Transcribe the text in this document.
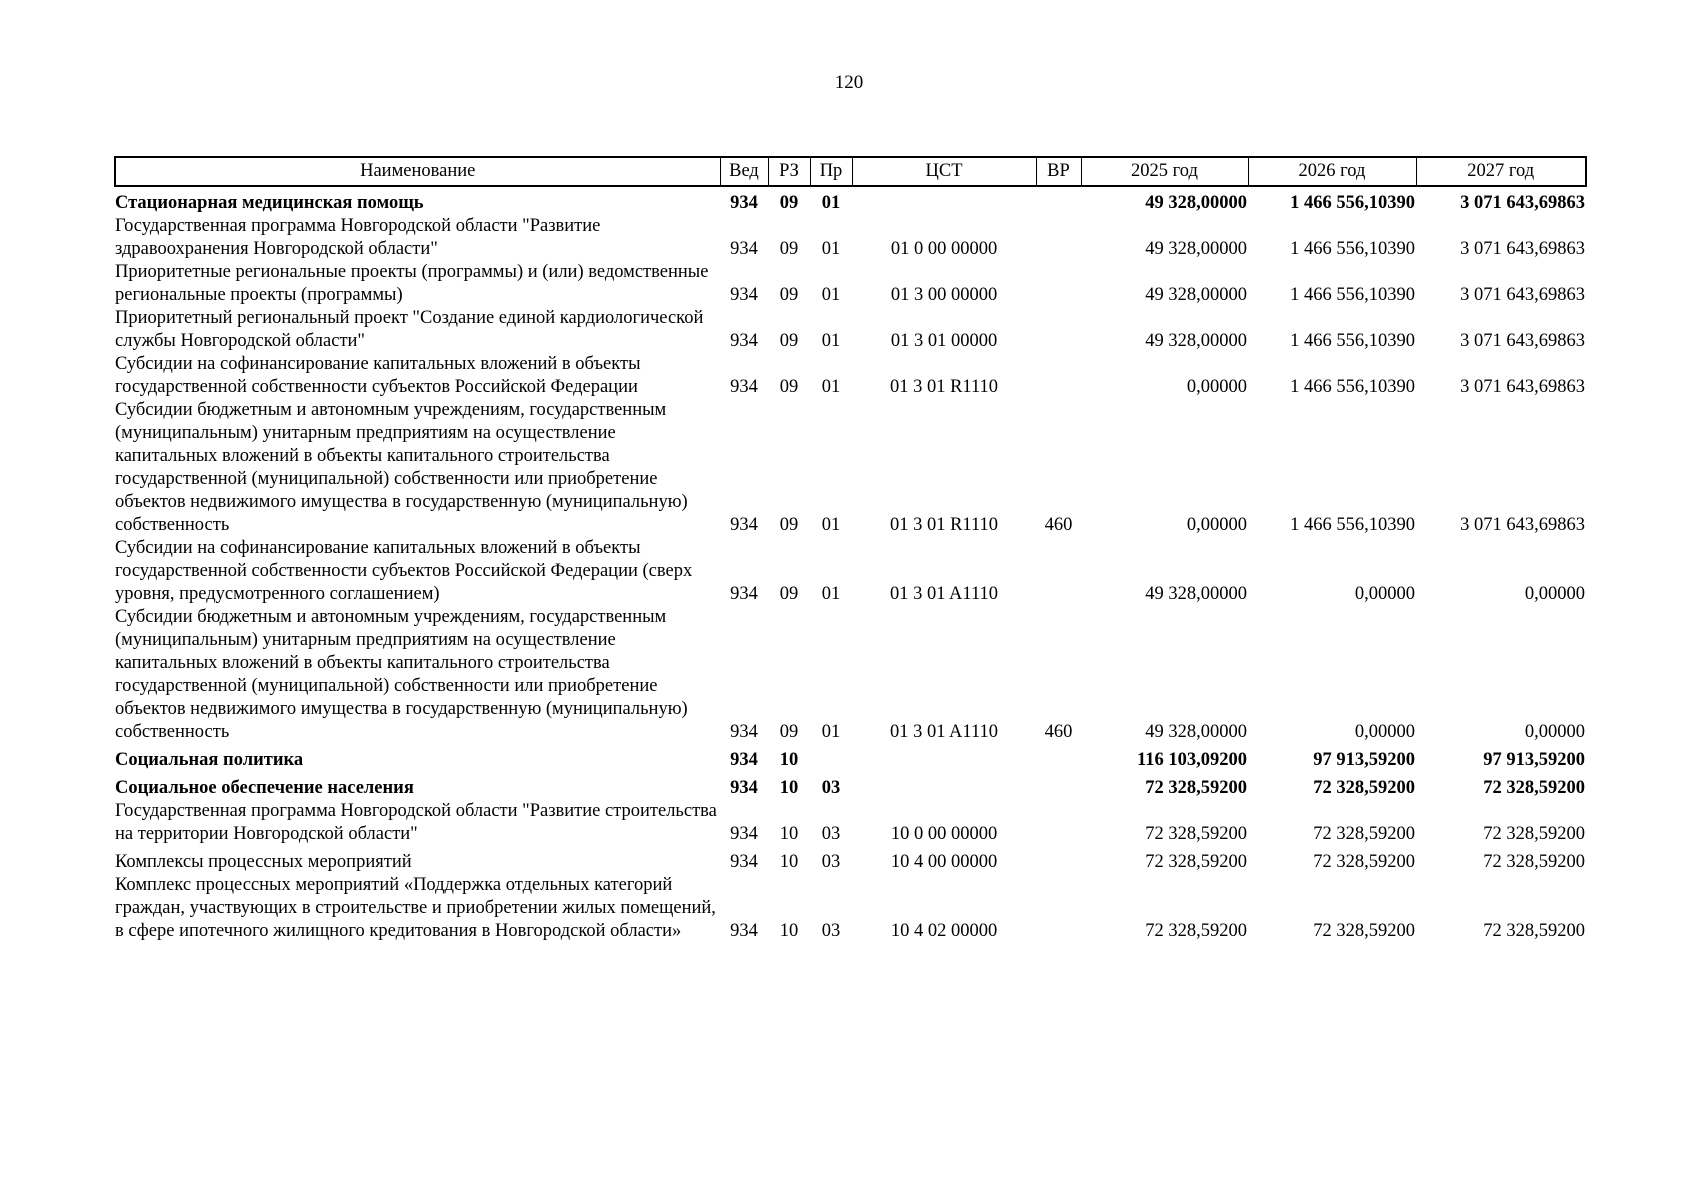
120
Наименование	Вед	РЗ	Пр	ЦСТ	ВР	2025 год	2026 год	2027 год
Стационарная медицинская помощь	934	09	01			49 328,00000	1 466 556,10390	3 071 643,69863
Государственная программа Новгородской области "Развитие здравоохранения Новгородской области"	934	09	01	01 0 00 00000		49 328,00000	1 466 556,10390	3 071 643,69863
Приоритетные региональные проекты (программы) и (или) ведомственные региональные проекты (программы)	934	09	01	01 3 00 00000		49 328,00000	1 466 556,10390	3 071 643,69863
Приоритетный региональный проект "Создание единой кардиологической службы Новгородской области"	934	09	01	01 3 01 00000		49 328,00000	1 466 556,10390	3 071 643,69863
Субсидии на софинансирование капитальных вложений в объекты государственной собственности субъектов Российской Федерации	934	09	01	01 3 01 R1110		0,00000	1 466 556,10390	3 071 643,69863
Субсидии бюджетным и автономным учреждениям, государственным (муниципальным) унитарным предприятиям на осуществление капитальных вложений в объекты капитального строительства государственной (муниципальной) собственности или приобретение объектов недвижимого имущества в государственную (муниципальную) собственность	934	09	01	01 3 01 R1110	460	0,00000	1 466 556,10390	3 071 643,69863
Субсидии на софинансирование капитальных вложений в объекты государственной собственности субъектов Российской Федерации (сверх уровня, предусмотренного соглашением)	934	09	01	01 3 01 A1110		49 328,00000	0,00000	0,00000
Субсидии бюджетным и автономным учреждениям, государственным (муниципальным) унитарным предприятиям на осуществление капитальных вложений в объекты капитального строительства государственной (муниципальной) собственности или приобретение объектов недвижимого имущества в государственную (муниципальную) собственность	934	09	01	01 3 01 A1110	460	49 328,00000	0,00000	0,00000
Социальная политика	934	10				116 103,09200	97 913,59200	97 913,59200
Социальное обеспечение населения	934	10	03			72 328,59200	72 328,59200	72 328,59200
Государственная программа Новгородской области "Развитие строительства на территории Новгородской области"	934	10	03	10 0 00 00000		72 328,59200	72 328,59200	72 328,59200
Комплексы процессных мероприятий	934	10	03	10 4 00 00000		72 328,59200	72 328,59200	72 328,59200
Комплекс процессных мероприятий «Поддержка отдельных категорий граждан, участвующих в строительстве и приобретении жилых помещений, в сфере ипотечного жилищного кредитования в Новгородской области»	934	10	03	10 4 02 00000		72 328,59200	72 328,59200	72 328,59200
